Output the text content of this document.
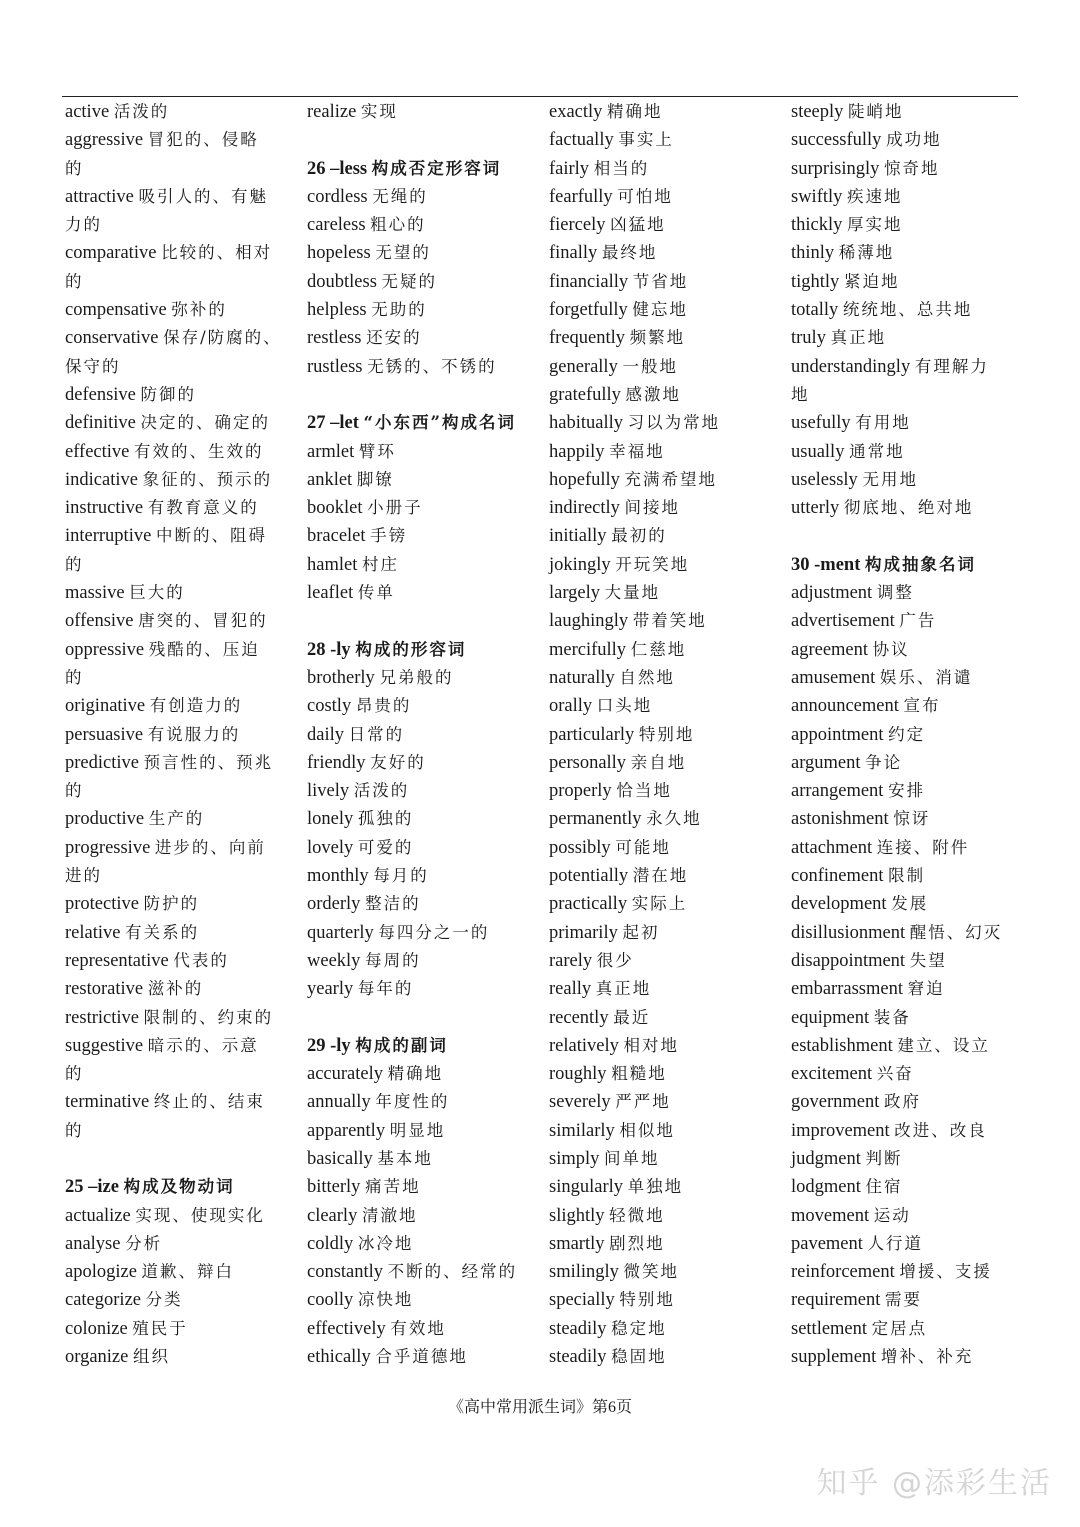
active 活泼的
aggressive 冒犯的、侵略
的
attractive 吸引人的、有魅
力的
comparative 比较的、相对
的
compensative 弥补的
conservative 保存/防腐的、
保守的
defensive 防御的
definitive 决定的、确定的
effective 有效的、生效的
indicative 象征的、预示的
instructive 有教育意义的
interruptive 中断的、阻碍
的
massive 巨大的
offensive 唐突的、冒犯的
oppressive 残酷的、压迫
的
originative 有创造力的
persuasive 有说服力的
predictive 预言性的、预兆
的
productive 生产的
progressive 进步的、向前
进的
protective 防护的
relative 有关系的
representative 代表的
restorative 滋补的
restrictive 限制的、约束的
suggestive 暗示的、示意
的
terminative 终止的、结束
的
25 –ize 构成及物动词
actualize 实现、使现实化
analyse 分析
apologize 道歉、辩白
categorize 分类
colonize 殖民于
organize 组织
realize 实现
26 –less 构成否定形容词
cordless 无绳的
careless 粗心的
hopeless 无望的
doubtless 无疑的
helpless 无助的
restless 还安的
rustless 无锈的、不锈的
27 –let “小东西”构成名词
armlet 臂环
anklet 脚镣
booklet 小册子
bracelet 手镑
hamlet 村庄
leaflet 传单
28 -ly 构成的形容词
brotherly 兄弟般的
costly 昂贵的
daily 日常的
friendly 友好的
lively 活泼的
lonely 孤独的
lovely 可爱的
monthly 每月的
orderly 整洁的
quarterly 每四分之一的
weekly 每周的
yearly 每年的
29 -ly 构成的副词
accurately 精确地
annually 年度性的
apparently 明显地
basically 基本地
bitterly 痛苦地
clearly 清澈地
coldly 冰冷地
constantly 不断的、经常的
coolly 凉快地
effectively 有效地
ethically 合乎道德地
exactly 精确地
factually 事实上
fairly 相当的
fearfully 可怕地
fiercely 凶猛地
finally 最终地
financially 节省地
forgetfully 健忘地
frequently 频繁地
generally 一般地
gratefully 感激地
habitually 习以为常地
happily 幸福地
hopefully 充满希望地
indirectly 间接地
initially 最初的
jokingly 开玩笑地
largely 大量地
laughingly 带着笑地
mercifully 仁慈地
naturally 自然地
orally 口头地
particularly 特别地
personally 亲自地
properly 恰当地
permanently 永久地
possibly 可能地
potentially 潜在地
practically 实际上
primarily 起初
rarely 很少
really 真正地
recently 最近
relatively 相对地
roughly 粗糙地
severely 严严地
similarly 相似地
simply 间单地
singularly 单独地
slightly 轻微地
smartly 剧烈地
smilingly 微笑地
specially 特别地
steadily 稳定地
steadily 稳固地
steeply 陡峭地
successfully 成功地
surprisingly 惊奇地
swiftly 疾速地
thickly 厚实地
thinly 稀薄地
tightly 紧迫地
totally 统统地、总共地
truly 真正地
understandingly 有理解力
地
usefully 有用地
usually 通常地
uselessly 无用地
utterly 彻底地、绝对地
30 -ment 构成抽象名词
adjustment 调整
advertisement 广告
agreement 协议
amusement 娱乐、消谴
announcement 宣布
appointment 约定
argument 争论
arrangement 安排
astonishment 惊讶
attachment 连接、附件
confinement 限制
development 发展
disillusionment 醒悟、幻灭
disappointment 失望
embarrassment 窘迫
equipment 装备
establishment 建立、设立
excitement 兴奋
government 政府
improvement 改进、改良
judgment 判断
lodgment 住宿
movement 运动
pavement 人行道
reinforcement 增援、支援
requirement 需要
settlement 定居点
supplement 增补、补充
《高中常用派生词》第6页
知乎 @添彩生活
